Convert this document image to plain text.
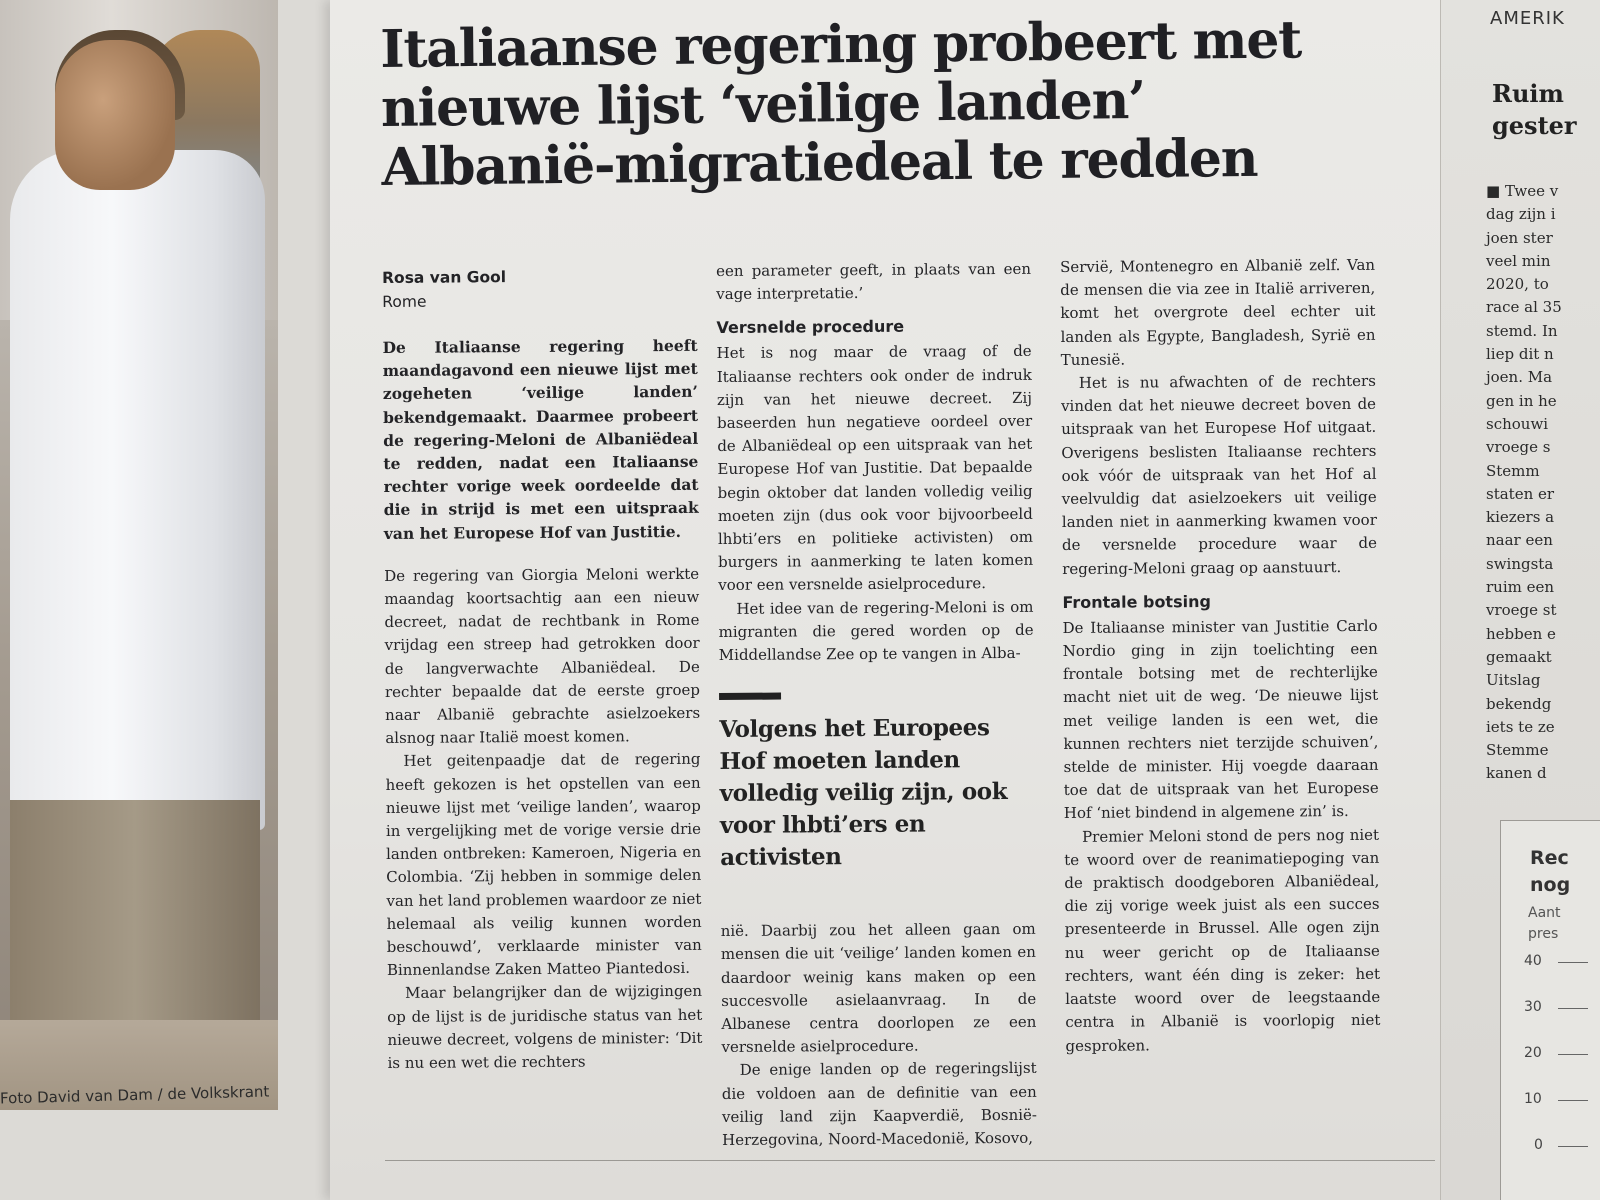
Foto David van Dam / de Volkskrant
Italiaanse regering probeert met
nieuwe lijst ‘veilige landen’
Albanië-migratiedeal te redden
Rosa van Gool
Rome

De Italiaanse regering heeft maandagavond een nieuwe lijst met zogeheten ‘veilige landen’ bekendgemaakt. Daarmee probeert de regering-Meloni de Albaniëdeal te redden, nadat een Italiaanse rechter vorige week oordeelde dat die in strijd is met een uitspraak van het Europese Hof van Justitie.

De regering van Giorgia Meloni werkte maandag koortsachtig aan een nieuw decreet, nadat de rechtbank in Rome vrijdag een streep had getrokken door de langverwachte Albaniëdeal. De rechter bepaalde dat de eerste groep naar Albanië gebrachte asielzoekers alsnog naar Italië moest komen.

Het geitenpaadje dat de regering heeft gekozen is het opstellen van een nieuwe lijst met ‘veilige landen’, waarop in vergelijking met de vorige versie drie landen ontbreken: Kameroen, Nigeria en Colombia. ‘Zij hebben in sommige delen van het land problemen waardoor ze niet helemaal als veilig kunnen worden beschouwd’, verklaarde minister van Binnenlandse Zaken Matteo Piantedosi.

Maar belangrijker dan de wijzigingen op de lijst is de juridische status van het nieuwe decreet, volgens de minister: ‘Dit is nu een wet die rechters

een parameter geeft, in plaats van een vage interpretatie.’

Versnelde procedure

Het is nog maar de vraag of de Italiaanse rechters ook onder de indruk zijn van het nieuwe decreet. Zij baseerden hun negatieve oordeel over de Albaniëdeal op een uitspraak van het Europese Hof van Justitie. Dat bepaalde begin oktober dat landen volledig veilig moeten zijn (dus ook voor bijvoorbeeld lhbti’ers en politieke activisten) om burgers in aanmerking te laten komen voor een versnelde asielprocedure.

Het idee van de regering-Meloni is om migranten die gered worden op de Middellandse Zee op te vangen in Alba-

Volgens het Europees Hof moeten landen volledig veilig zijn, ook voor lhbti’ers en activisten

nië. Daarbij zou het alleen gaan om mensen die uit ‘veilige’ landen komen en daardoor weinig kans maken op een succesvolle asielaanvraag. In de Albanese centra doorlopen ze een versnelde asielprocedure.

De enige landen op de regeringslijst die voldoen aan de definitie van een veilig land zijn Kaapverdië, Bosnië-Herzegovina, Noord-Macedonië, Kosovo,

Servië, Montenegro en Albanië zelf. Van de mensen die via zee in Italië arriveren, komt het overgrote deel echter uit landen als Egypte, Bangladesh, Syrië en Tunesië.

Het is nu afwachten of de rechters vinden dat het nieuwe decreet boven de uitspraak van het Europese Hof uitgaat. Overigens beslisten Italiaanse rechters ook vóór de uitspraak van het Hof al veelvuldig dat asielzoekers uit veilige landen niet in aanmerking kwamen voor de versnelde procedure waar de regering-Meloni graag op aanstuurt.

Frontale botsing

De Italiaanse minister van Justitie Carlo Nordio ging in zijn toelichting een frontale botsing met de rechterlijke macht niet uit de weg. ‘De nieuwe lijst met veilige landen is een wet, die kunnen rechters niet terzijde schuiven’, stelde de minister. Hij voegde daaraan toe dat de uitspraak van het Europese Hof ‘niet bindend in algemene zin’ is.

Premier Meloni stond de pers nog niet te woord over de reanimatiepoging van de praktisch doodgeboren Albaniëdeal, die zij vorige week juist als een succes presenteerde in Brussel. Alle ogen zijn nu weer gericht op de Italiaanse rechters, want één ding is zeker: het laatste woord over de leegstaande centra in Albanië is voorlopig niet gesproken.

AMERIK
Ruim
gester
■ Twee v
dag zijn i
joen ster
veel min
2020, to
race al 35
stemd. In
liep dit n
joen. Ma
gen in he
schouwi
vroege s
Stemm
staten er
kiezers a
naar een
swingsta
ruim een
vroege st
hebben e
gemaakt
Uitslag
bekendg
iets te ze
Stemme
kanen d
Rec
nog
Aant
pres
40
30
20
10
0
